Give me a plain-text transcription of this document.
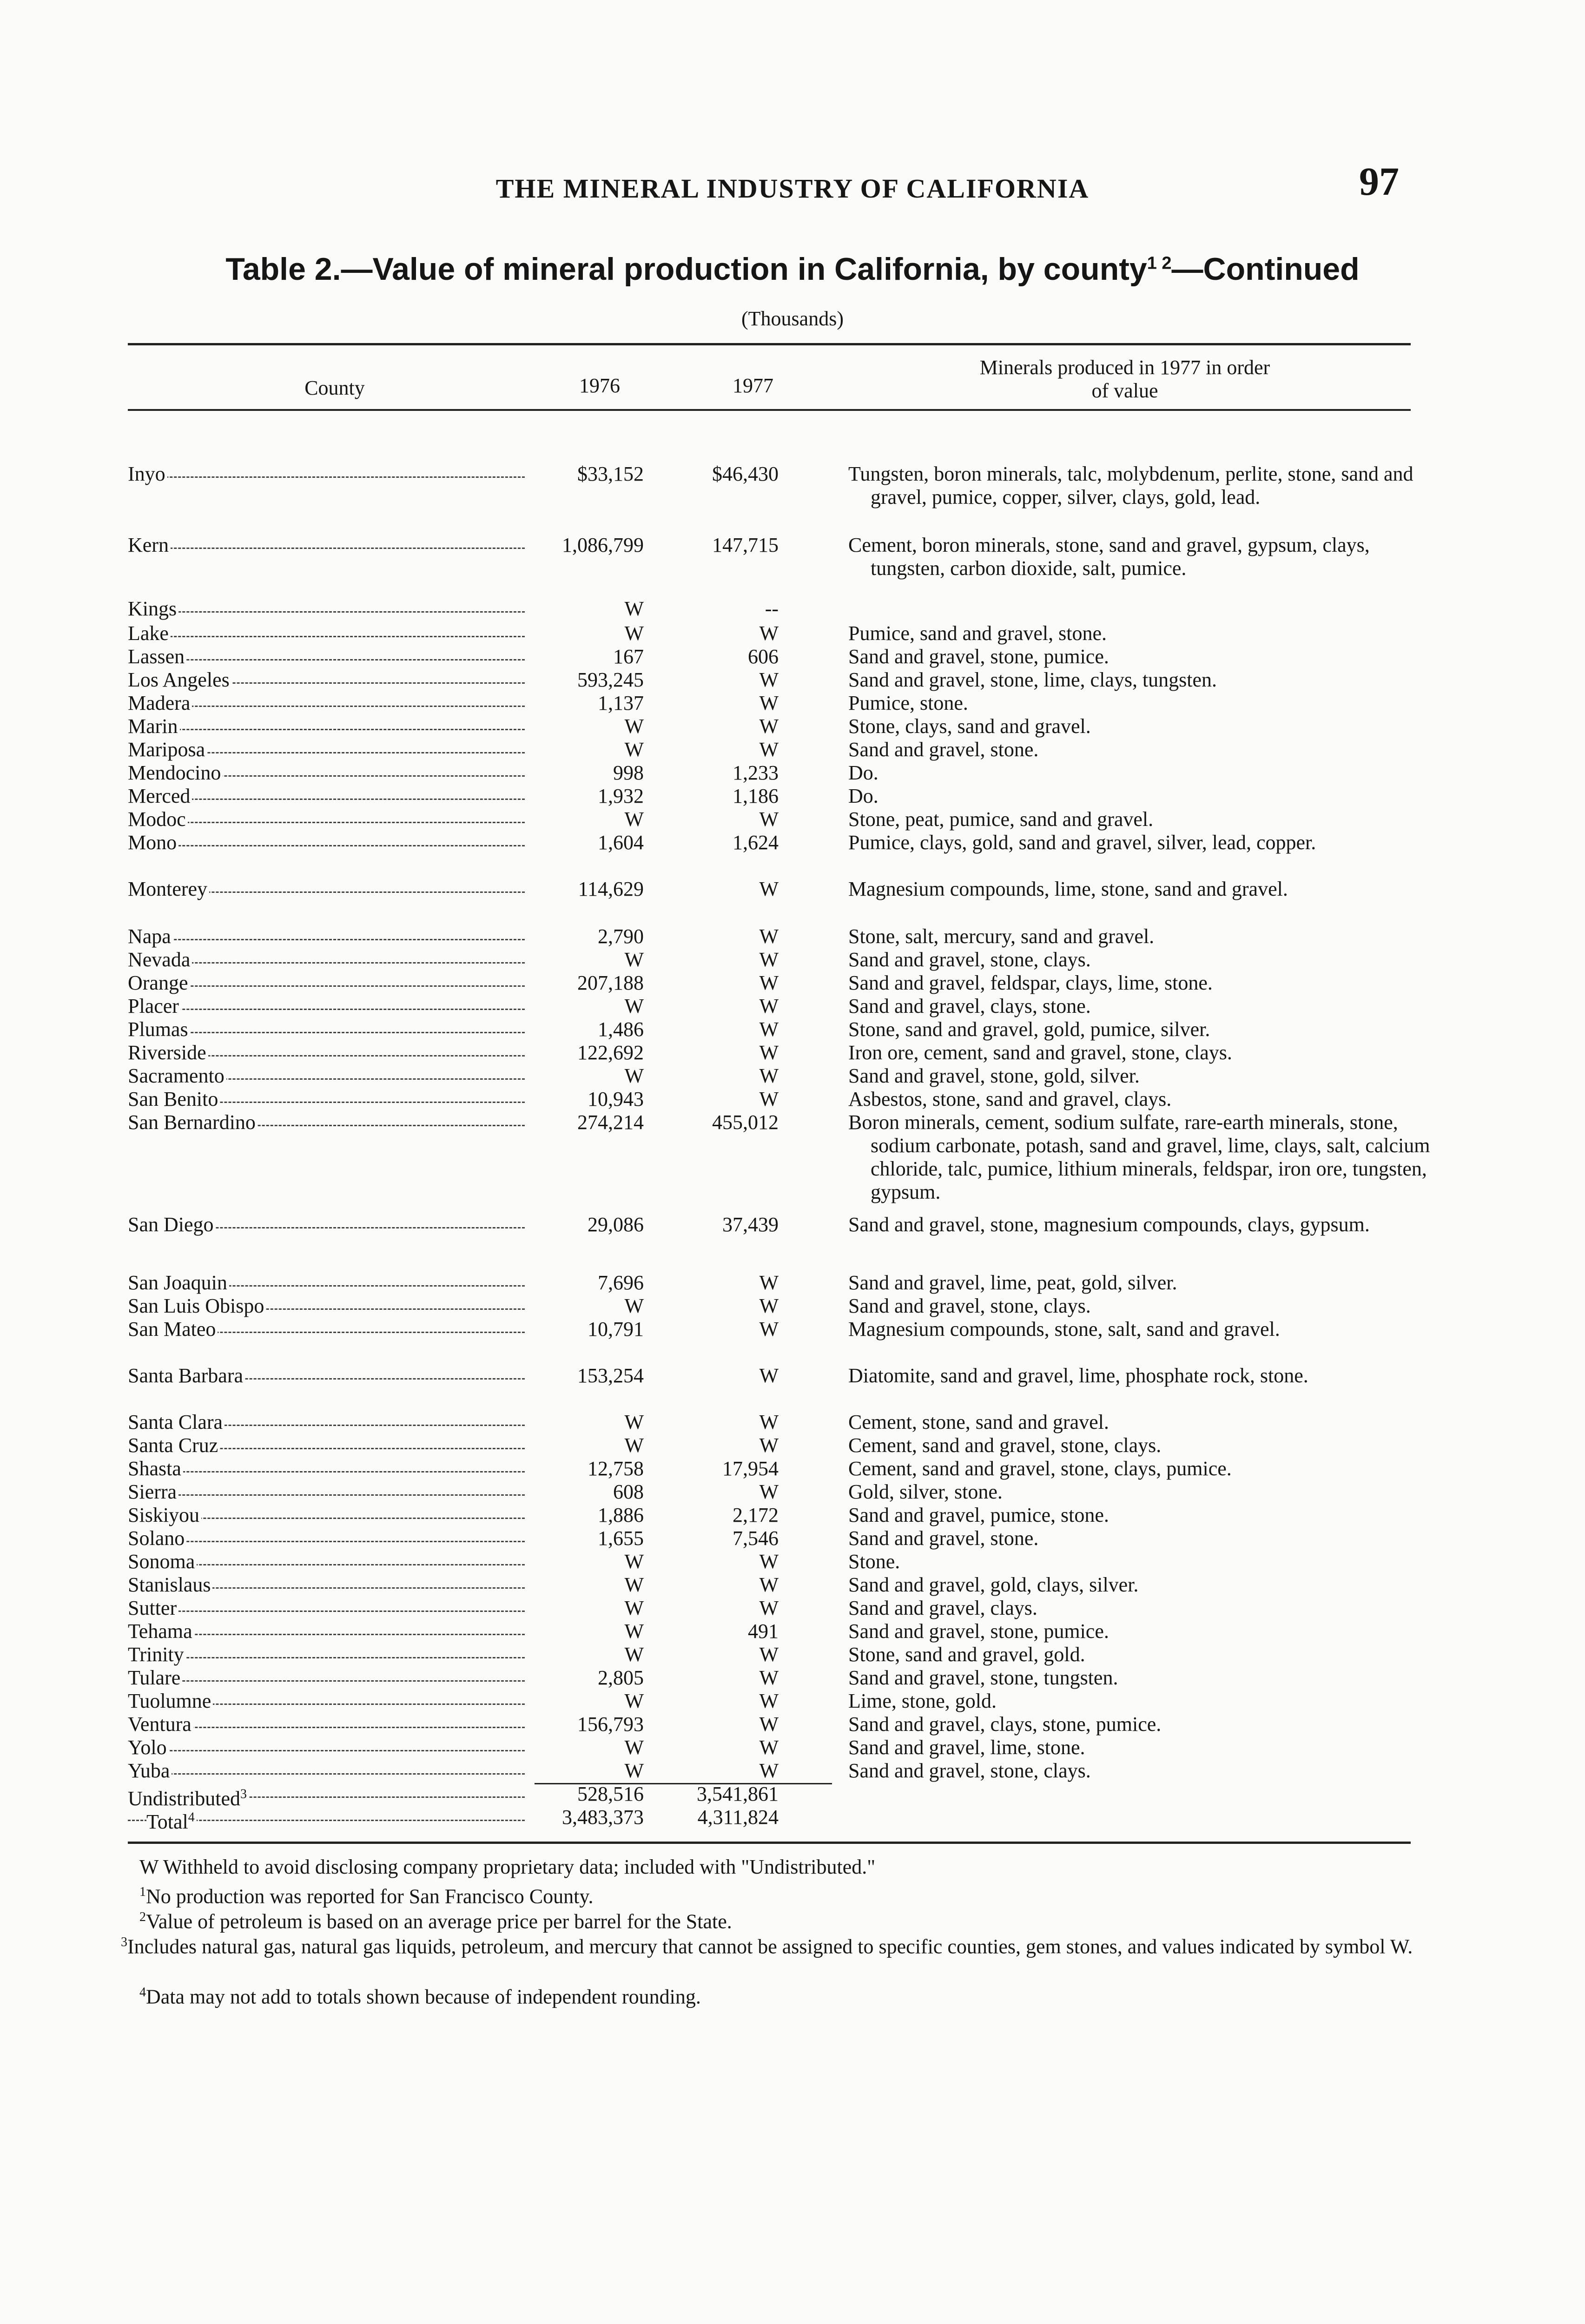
THE MINERAL INDUSTRY OF CALIFORNIA	97
Table 2.—Value of mineral production in California, by county$^{1 2}$—Continued
(Thousands)
County	1976	1977
Minerals produced in 1977 in order of value
Inyo	$33,152	$46,430	Tungsten, boron minerals, talc, molybdenum, perlite, stone, sand and gravel, pumice, copper, silver, clays, gold, lead.
Kern	1,086,799	147,715	Cement, boron minerals, stone, sand and gravel, gypsum, clays, tungsten, carbon dioxide, salt, pumice.
Kings	W	--
Lake	W	W	Pumice, sand and gravel, stone.
Lassen	167	606	Sand and gravel, stone, pumice.
Los Angeles	593,245	W	Sand and gravel, stone, lime, clays, tungsten.
Madera	1,137	W	Pumice, stone.
Marin	W	W	Stone, clays, sand and gravel.
Mariposa	W	W	Sand and gravel, stone.
Mendocino	998	1,233	Do.
Merced	1,932	1,186	Do.
Modoc	W	W	Stone, peat, pumice, sand and gravel.
Mono	1,604	1,624	Pumice, clays, gold, sand and gravel, silver, lead, copper.
Monterey	114,629	W	Magnesium compounds, lime, stone, sand and gravel.
Napa	2,790	W	Stone, salt, mercury, sand and gravel.
Nevada	W	W	Sand and gravel, stone, clays.
Orange	207,188	W	Sand and gravel, feldspar, clays, lime, stone.
Placer	W	W	Sand and gravel, clays, stone.
Plumas	1,486	W	Stone, sand and gravel, gold, pumice, silver.
Riverside	122,692	W	Iron ore, cement, sand and gravel, stone, clays.
Sacramento	W	W	Sand and gravel, stone, gold, silver.
San Benito	10,943	W	Asbestos, stone, sand and gravel, clays.
San Bernardino	274,214	455,012	Boron minerals, cement, sodium sulfate, rare-earth minerals, stone, sodium carbonate, potash, sand and gravel, lime, clays, salt, calcium chloride, talc, pumice, lithium minerals, feldspar, iron ore, tungsten, gypsum.
San Diego	29,086	37,439	Sand and gravel, stone, magnesium compounds, clays, gypsum.
San Joaquin	7,696	W	Sand and gravel, lime, peat, gold, silver.
San Luis Obispo	W	W	Sand and gravel, stone, clays.
San Mateo	10,791	W	Magnesium compounds, stone, salt, sand and gravel.
Santa Barbara	153,254	W	Diatomite, sand and gravel, lime, phosphate rock, stone.
Santa Clara	W	W	Cement, stone, sand and gravel.
Santa Cruz	W	W	Cement, sand and gravel, stone, clays.
Shasta	12,758	17,954	Cement, sand and gravel, stone, clays, pumice.
Sierra	608	W	Gold, silver, stone.
Siskiyou	1,886	2,172	Sand and gravel, pumice, stone.
Solano	1,655	7,546	Sand and gravel, stone.
Sonoma	W	W	Stone.
Stanislaus	W	W	Sand and gravel, gold, clays, silver.
Sutter	W	W	Sand and gravel, clays.
Tehama	W	491	Sand and gravel, stone, pumice.
Trinity	W	W	Stone, sand and gravel, gold.
Tulare	2,805	W	Sand and gravel, stone, tungsten.
Tuolumne	W	W	Lime, stone, gold.
Ventura	156,793	W	Sand and gravel, clays, stone, pumice.
Yolo	W	W	Sand and gravel, lime, stone.
Yuba	W	W	Sand and gravel, stone, clays.
Undistributed$^3$	528,516	3,541,861
Total$^4$	3,483,373	4,311,824
W Withheld to avoid disclosing company proprietary data; included with "Undistributed."
$^1$No production was reported for San Francisco County.
$^2$Value of petroleum is based on an average price per barrel for the State.
$^3$Includes natural gas, natural gas liquids, petroleum, and mercury that cannot be assigned to specific counties, gem stones, and values indicated by symbol W.
$^4$Data may not add to totals shown because of independent rounding.
